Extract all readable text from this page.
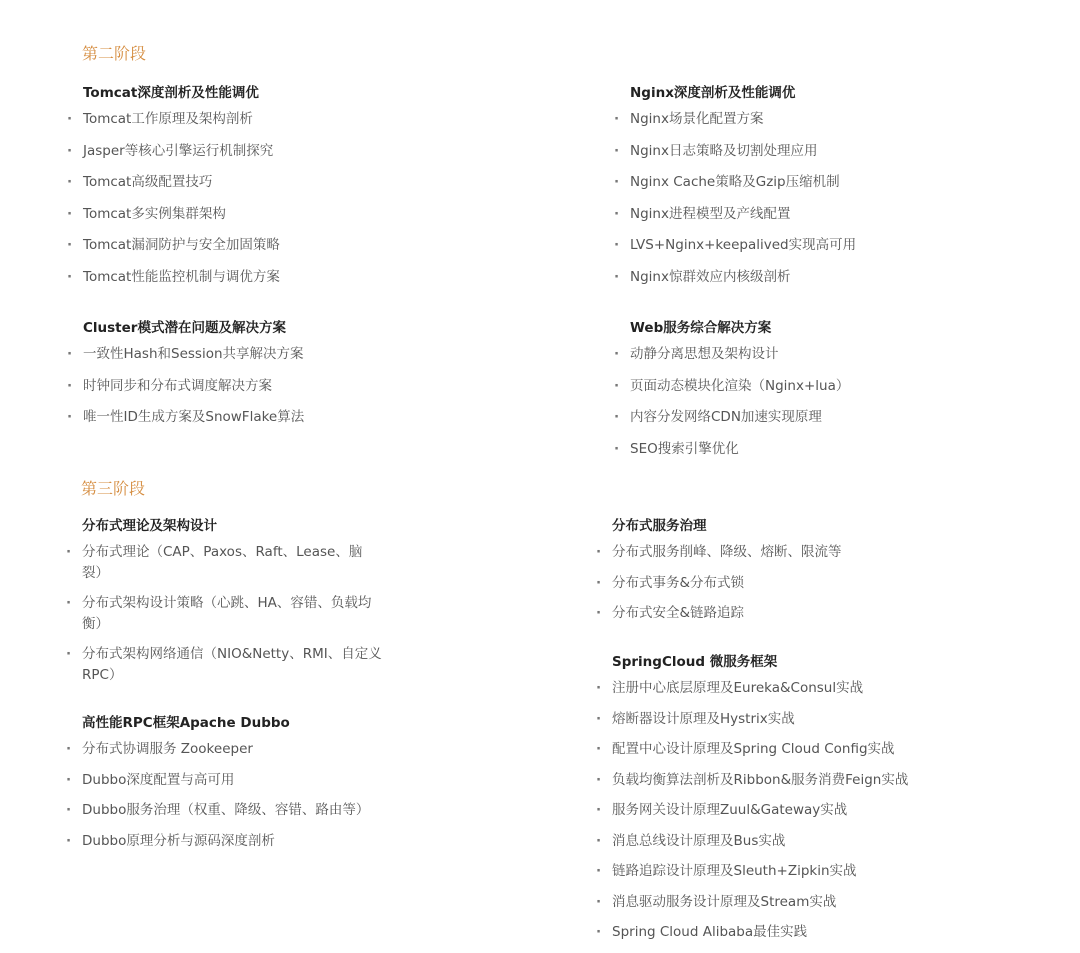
第二阶段
Tomcat深度剖析及性能调优
· Tomcat工作原理及架构剖析
· Jasper等核心引擎运行机制探究
· Tomcat高级配置技巧
· Tomcat多实例集群架构
· Tomcat漏洞防护与安全加固策略
· Tomcat性能监控机制与调优方案
Nginx深度剖析及性能调优
· Nginx场景化配置方案
· Nginx日志策略及切割处理应用
· Nginx Cache策略及Gzip压缩机制
· Nginx进程模型及产线配置
· LVS+Nginx+keepalived实现高可用
· Nginx惊群效应内核级剖析
Cluster模式潜在问题及解决方案
· 一致性Hash和Session共享解决方案
· 时钟同步和分布式调度解决方案
· 唯一性ID生成方案及SnowFlake算法
Web服务综合解决方案
· 动静分离思想及架构设计
· 页面动态模块化渲染（Nginx+lua）
· 内容分发网络CDN加速实现原理
· SEO搜索引擎优化
第三阶段
分布式理论及架构设计
· 分布式理论（CAP、Paxos、Raft、Lease、脑裂）
· 分布式架构设计策略（心跳、HA、容错、负载均衡）
· 分布式架构网络通信（NIO&Netty、RMI、自定义RPC）
高性能RPC框架Apache Dubbo
· 分布式协调服务 Zookeeper
· Dubbo深度配置与高可用
· Dubbo服务治理（权重、降级、容错、路由等）
· Dubbo原理分析与源码深度剖析
分布式服务治理
· 分布式服务削峰、降级、熔断、限流等
· 分布式事务&分布式锁
· 分布式安全&链路追踪
SpringCloud 微服务框架
· 注册中心底层原理及Eureka&Consul实战
· 熔断器设计原理及Hystrix实战
· 配置中心设计原理及Spring Cloud Config实战
· 负载均衡算法剖析及Ribbon&服务消费Feign实战
· 服务网关设计原理Zuul&Gateway实战
· 消息总线设计原理及Bus实战
· 链路追踪设计原理及Sleuth+Zipkin实战
· 消息驱动服务设计原理及Stream实战
· Spring Cloud Alibaba最佳实践
